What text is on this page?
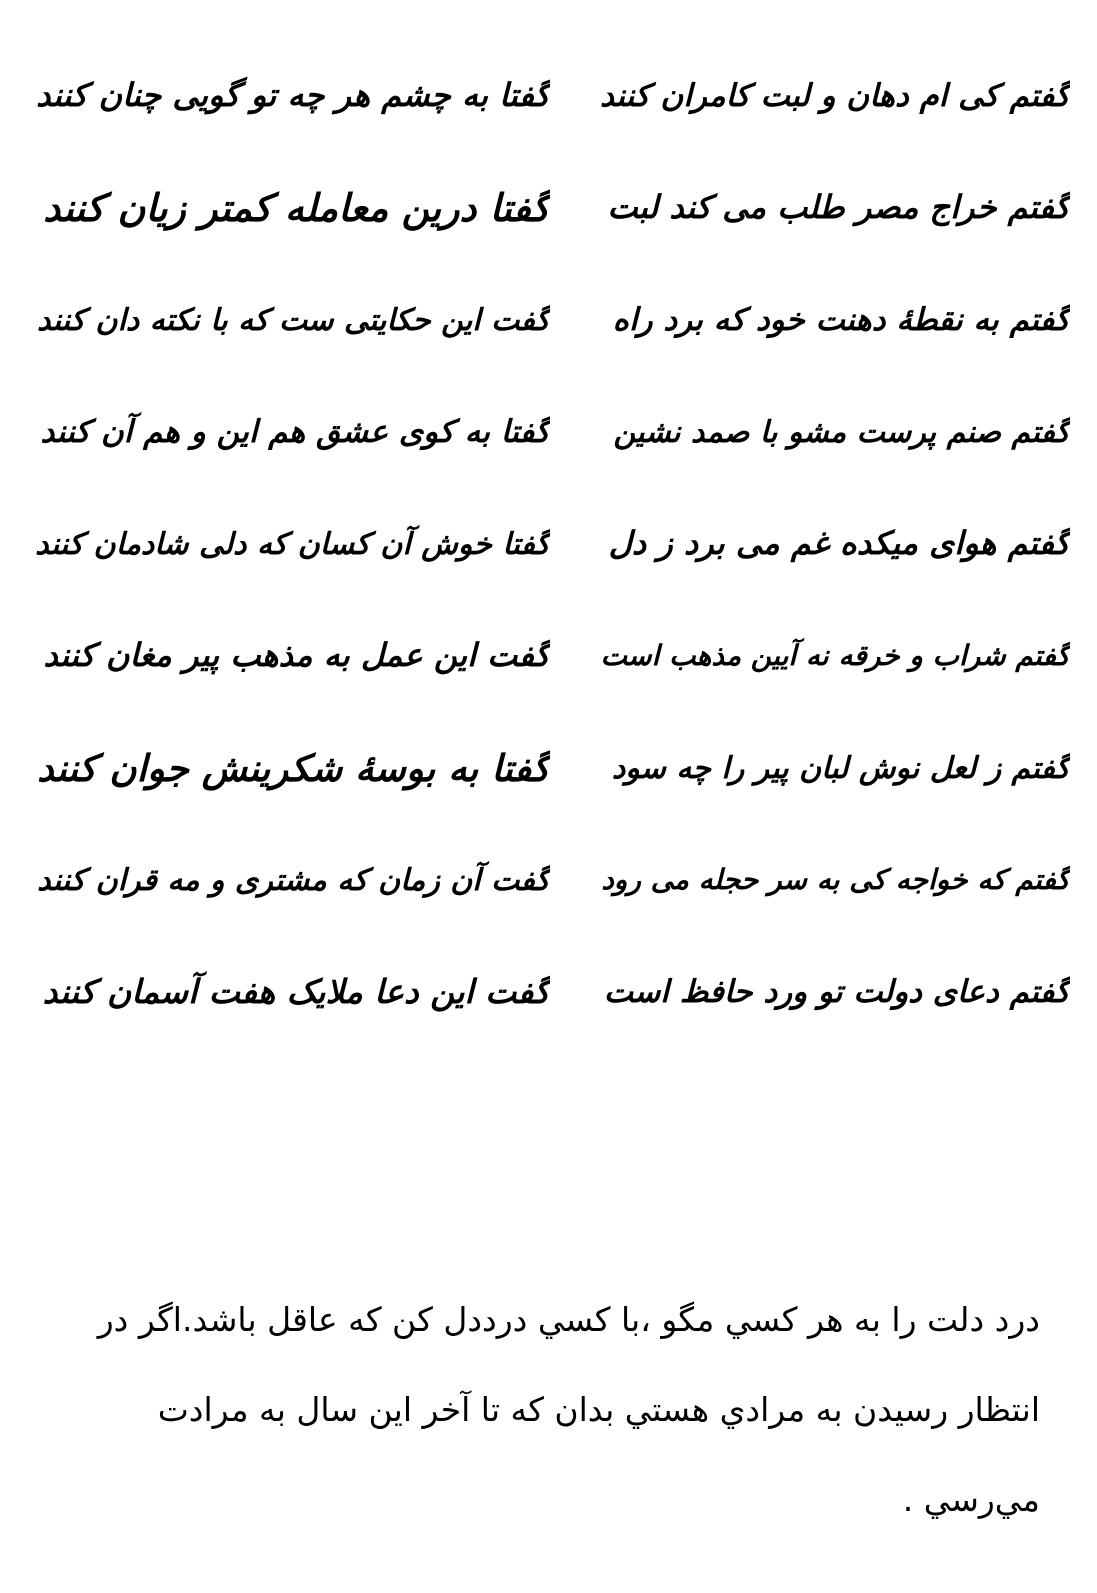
گفتم کی ام دهان و لبت کامران کنند
گفتم خراج مصر طلب می کند لبت
گفتم به نقطهٔ دهنت خود که برد راه
گفتم صنم پرست مشو با صمد نشین
گفتم هوای میکده غم می برد ز دل
گفتم شراب و خرقه نه آیین مذهب است
گفتم ز لعل نوش لبان پیر را چه سود
گفتم که خواجه کی به سر حجله می رود
گفتم دعای دولت تو ورد حافظ است
گفتا به چشم هر چه تو گویی چنان کنند
گفتا درین معامله کمتر زیان کنند
گفت این حکایتی ست که با نکته دان کنند
گفتا به کوی عشق هم این و هم آن کنند
گفتا خوش آن کسان که دلی شادمان کنند
گفت این عمل به مذهب پیر مغان کنند
گفتا به بوسهٔ شکرینش جوان کنند
گفت آن زمان که مشتری و مه قران کنند
گفت این دعا ملایک هفت آسمان کنند
درد دلت را به هر كسي مگو ،با كسي درددل كن كه عاقل باشد.اگر در انتظار رسيدن به مرادي هستي بدان كه تا آخر اين سال به مرادت مي‌رسي .
